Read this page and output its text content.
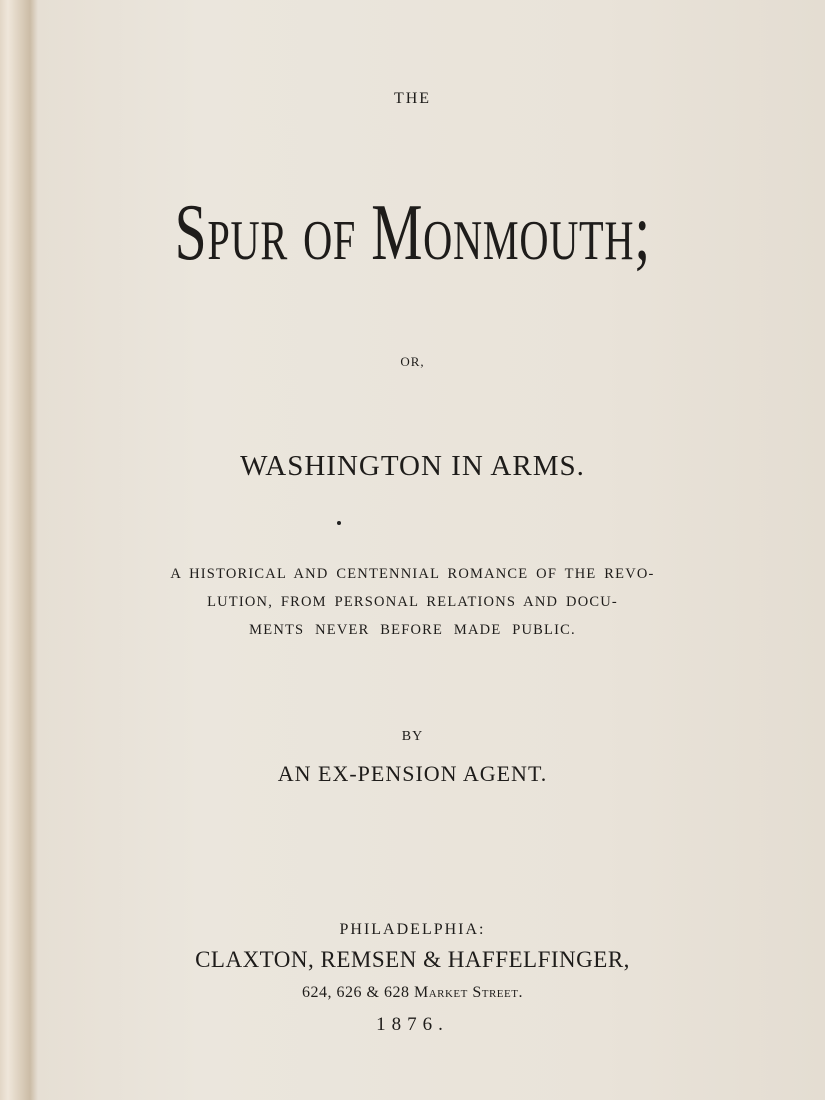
THE
Spur of Monmouth;
OR,
WASHINGTON IN ARMS.
A HISTORICAL AND CENTENNIAL ROMANCE OF THE REVO-
LUTION, FROM PERSONAL RELATIONS AND DOCU-
MENTS NEVER BEFORE MADE PUBLIC.
BY
AN EX-PENSION AGENT.
PHILADELPHIA:
CLAXTON, REMSEN & HAFFELFINGER,
624, 626 & 628 Market Street.
1876.
